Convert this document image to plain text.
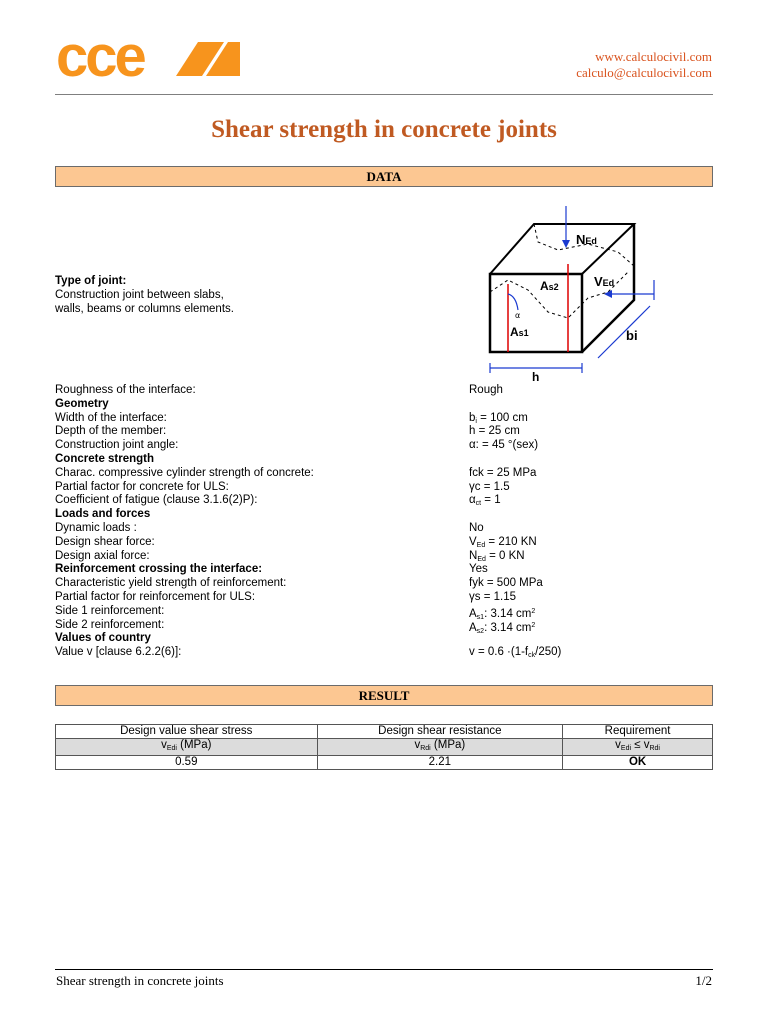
cce	www.calculocivil.com
calculo@calculocivil.com
Shear strength in concrete joints
DATA
Type of joint:
Construction joint between slabs,
walls, beams or columns elements.
NEd
VEd
As2
As1
α
bi
h
Roughness of the interface:	Rough
Geometry
Width of the interface:	$b_i = 100$ cm
Depth of the member:	h = 25 cm
Construction joint angle:	α: = 45 °(sex)
Concrete strength
Charac. compressive cylinder strength of concrete:	fck = 25 MPa
Partial factor for concrete for ULS:	γc = 1.5
Coefficient of fatigue (clause 3.1.6(2)P):	$\alpha_{ct} = 1$
Loads and forces
Dynamic loads :	No
Design shear force:	$V_{Ed} = 210$ KN
Design axial force:	$N_{Ed} = 0$ KN
Reinforcement crossing the interface:	Yes
Characteristic yield strength of reinforcement:	fyk = 500 MPa
Partial factor for reinforcement for ULS:	γs = 1.15
Side 1 reinforcement:	$A_{s1}$: 3.14 $cm^2$
Side 2 reinforcement:	$A_{s2}$: 3.14 $cm^2$
Values of country
Value v [clause 6.2.2(6)]:	$v = 0.6 \cdot(1-f_{ck}/250)$
RESULT
Design value shear stress	Design shear resistance	Requirement
$v_{Edi}$ (MPa)	$v_{Rdi}$ (MPa)	$v_{Edi} \le v_{Rdi}$
0.59	2.21	OK
Shear strength in concrete joints	1/2
